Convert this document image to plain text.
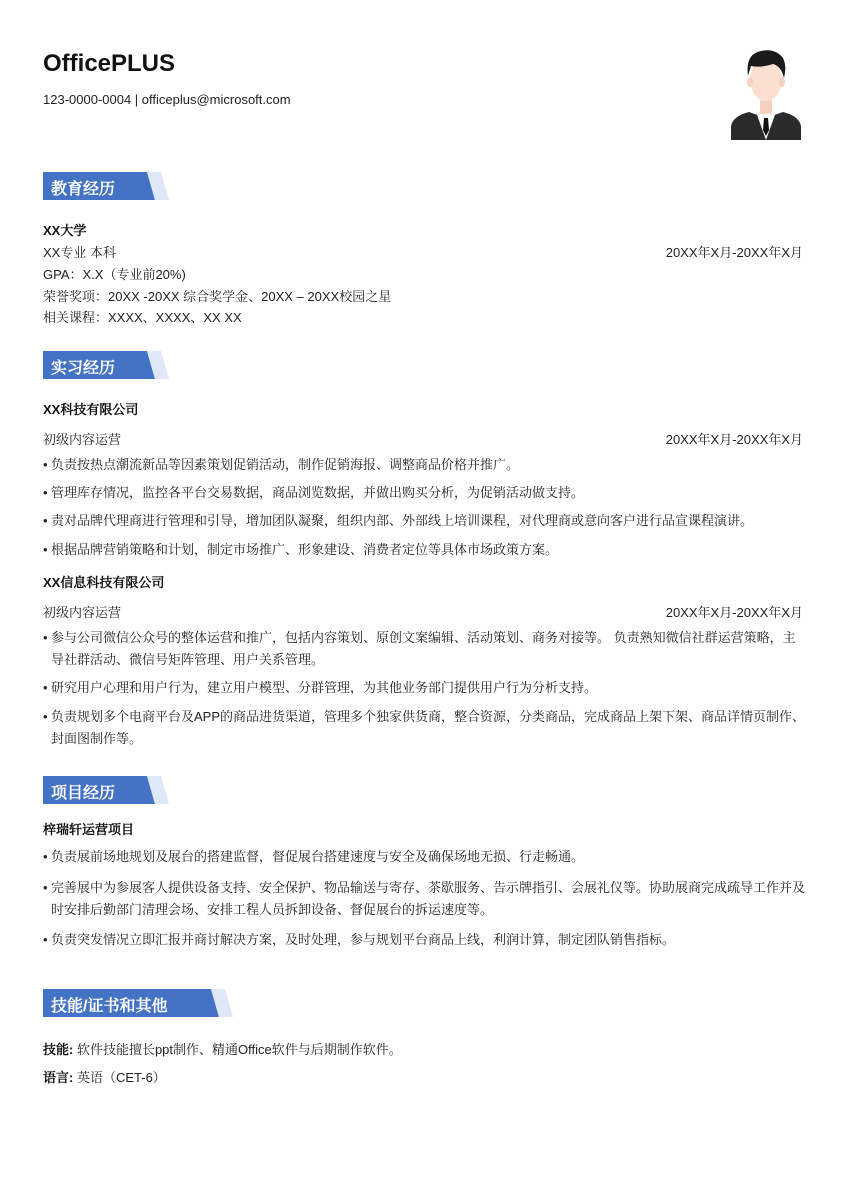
OfficePLUS
123-0000-0004 | officeplus@microsoft.com
教育经历
XX大学
XX专业 本科	20XX年X月-20XX年X月
GPA：X.X（专业前20%)
荣誉奖项：20XX -20XX 综合奖学金、20XX – 20XX校园之星
相关课程：XXXX、XXXX、XX XX
实习经历
XX科技有限公司
初级内容运营	20XX年X月-20XX年X月
• 负责按热点潮流新品等因素策划促销活动，制作促销海报、调整商品价格并推广。
• 管理库存情况，监控各平台交易数据，商品浏览数据，并做出购买分析，为促销活动做支持。
• 责对品牌代理商进行管理和引导，增加团队凝聚，组织内部、外部线上培训课程，对代理商或意向客户进行品宣课程演讲。
• 根据品牌营销策略和计划，制定市场推广、形象建设、消费者定位等具体市场政策方案。
XX信息科技有限公司
初级内容运营	20XX年X月-20XX年X月
• 参与公司微信公众号的整体运营和推广，包括内容策划、原创文案编辑、活动策划、商务对接等。 负责熟知微信社群运营策略，主导社群活动、微信号矩阵管理、用户关系管理。
• 研究用户心理和用户行为，建立用户模型、分群管理，为其他业务部门提供用户行为分析支持。
• 负责规划多个电商平台及APP的商品进货渠道，管理多个独家供货商，整合资源，分类商品，完成商品上架下架、商品详情页制作、封面图制作等。
项目经历
梓瑞轩运营项目
• 负责展前场地规划及展台的搭建监督，督促展台搭建速度与安全及确保场地无损、行走畅通。
• 完善展中为参展客人提供设备支持、安全保护、物品输送与寄存、茶歇服务、告示牌指引、会展礼仪等。协助展商完成疏导工作并及时安排后勤部门清理会场、安排工程人员拆卸设备、督促展台的拆运速度等。
• 负责突发情况立即汇报并商讨解决方案，及时处理，参与规划平台商品上线，利润计算，制定团队销售指标。
技能/证书和其他
技能: 软件技能擅长ppt制作、精通Office软件与后期制作软件。
语言: 英语（CET-6）
